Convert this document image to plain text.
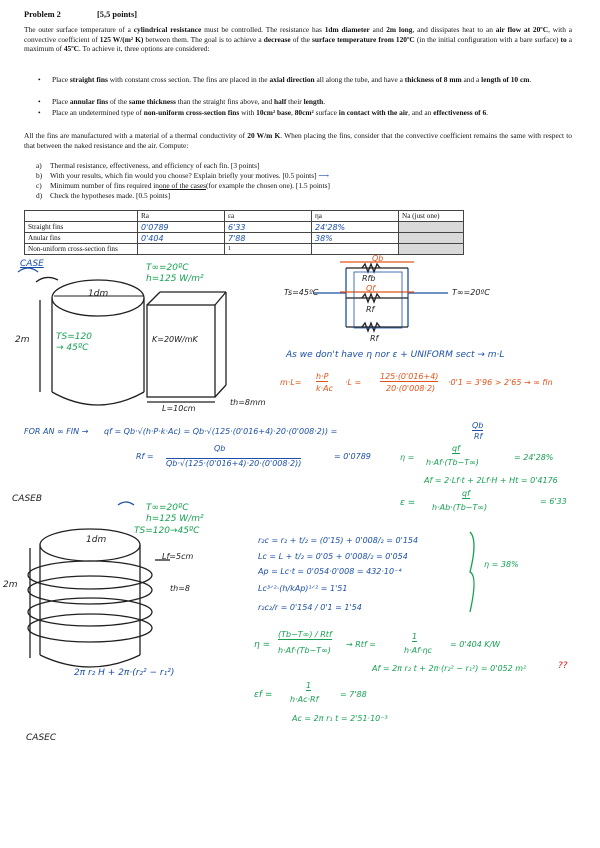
Problem 2	[5,5 points]
The outer surface temperature of a cylindrical resistance must be controlled. The resistance has 1dm diameter and 2m long, and dissipates heat to an air flow at 20ºC, with a convective coefficient of 125 W/(m² K) between them. The goal is to achieve a decrease of the surface temperature from 120ºC (in the initial configuration with a bare surface) to a maximum of 45ºC. To achieve it, three options are considered:
• Place straight fins with constant cross section. The fins are placed in the axial direction all along the tube, and have a thickness of 8 mm and a length of 10 cm.
• Place annular fins of the same thickness than the straight fins above, and half their length.
• Place an undetermined type of non-uniform cross-section fins with 10cm² base, 80cm² surface in contact with the air, and an effectiveness of 6.
All the fins are manufactured with a material of a thermal conductivity of 20 W/m K. When placing the fins, consider that the convective coefficient remains the same with respect to that between the naked resistance and the air. Compute:
a) Thermal resistance, effectiveness, and efficiency of each fin. [3 points]
b) With your results, which fin would you choose? Explain briefly your motives. [0.5 points] ⟶
c) Minimum number of fins required inone of the cases(for example the chosen one). [1.5 points]
d) Check the hypotheses made. [0.5 points]
	Ra	εa	ηa	Na (just one)
Straight fins	0'0789	6'33	24'28%	
Anular fins	0'404	7'88	38%	
Non-uniform cross-section fins		1		
CASE	T∞=20ºC
h=125 W/m²
1dm
2m	TS=120
→ 45ºC
K=20W/mK
L=10cm
th=8mm
Qb
Rfb
Qf
Rf
Rf
Ts=45ºC	T∞=20ºC
As we don't have η nor ε + UNIFORM sect → m·L
m·L=
h·P
k·Ac
·L =
125·(0'016+4)
20·(0'008·2)
·0'1 = 3'96 > 2'65 → ∞ fin
FOR AN ∞ FIN → qf = Qb·√(h·P·k·Ac) = Qb·√(125·(0'016+4)·20·(0'008·2)) =
Qb
Rf
Rf =
Qb
Qb·√(125·(0'016+4)·20·(0'008·2))
= 0'0789	η =
qf
h·Af·(Tb−T∞)
= 24'28%
Af = 2·Lf·t + 2Lf·H + Ht = 0'4176
ε =
qf
h·Ab·(Tb−T∞)
= 6'33
CASEB
T∞=20ºC
h=125 W/m²
TS=120→45ºC
1dm
Lf=5cm
2m	th=8
2π r₂ H + 2π·(r₂² − r₁²)
r₂c = r₂ + t/₂ = (0'15) + 0'008/₂ = 0'154
Lc = L + t/₂ = 0'05 + 0'008/₂ = 0'054
Ap = Lc·t = 0'054·0'008 = 432·10⁻⁴
Lc³ᐟ²·(h/kAp)¹ᐟ² = 1'51
r₂c₂/r = 0'154 / 0'1 = 1'54
η = 38%
η =
(Tb−T∞) / Rtf
h·Af·(Tb−T∞)
→ Rtf =
1
h·Af·ηc
= 0'404 K/W
Af = 2π r₂ t + 2π·(r₂² − r₁²) = 0'052 m²	??
εf =
1
h·Ac·Rf
= 7'88
Ac = 2π r₁ t = 2'51·10⁻³
CASEC
